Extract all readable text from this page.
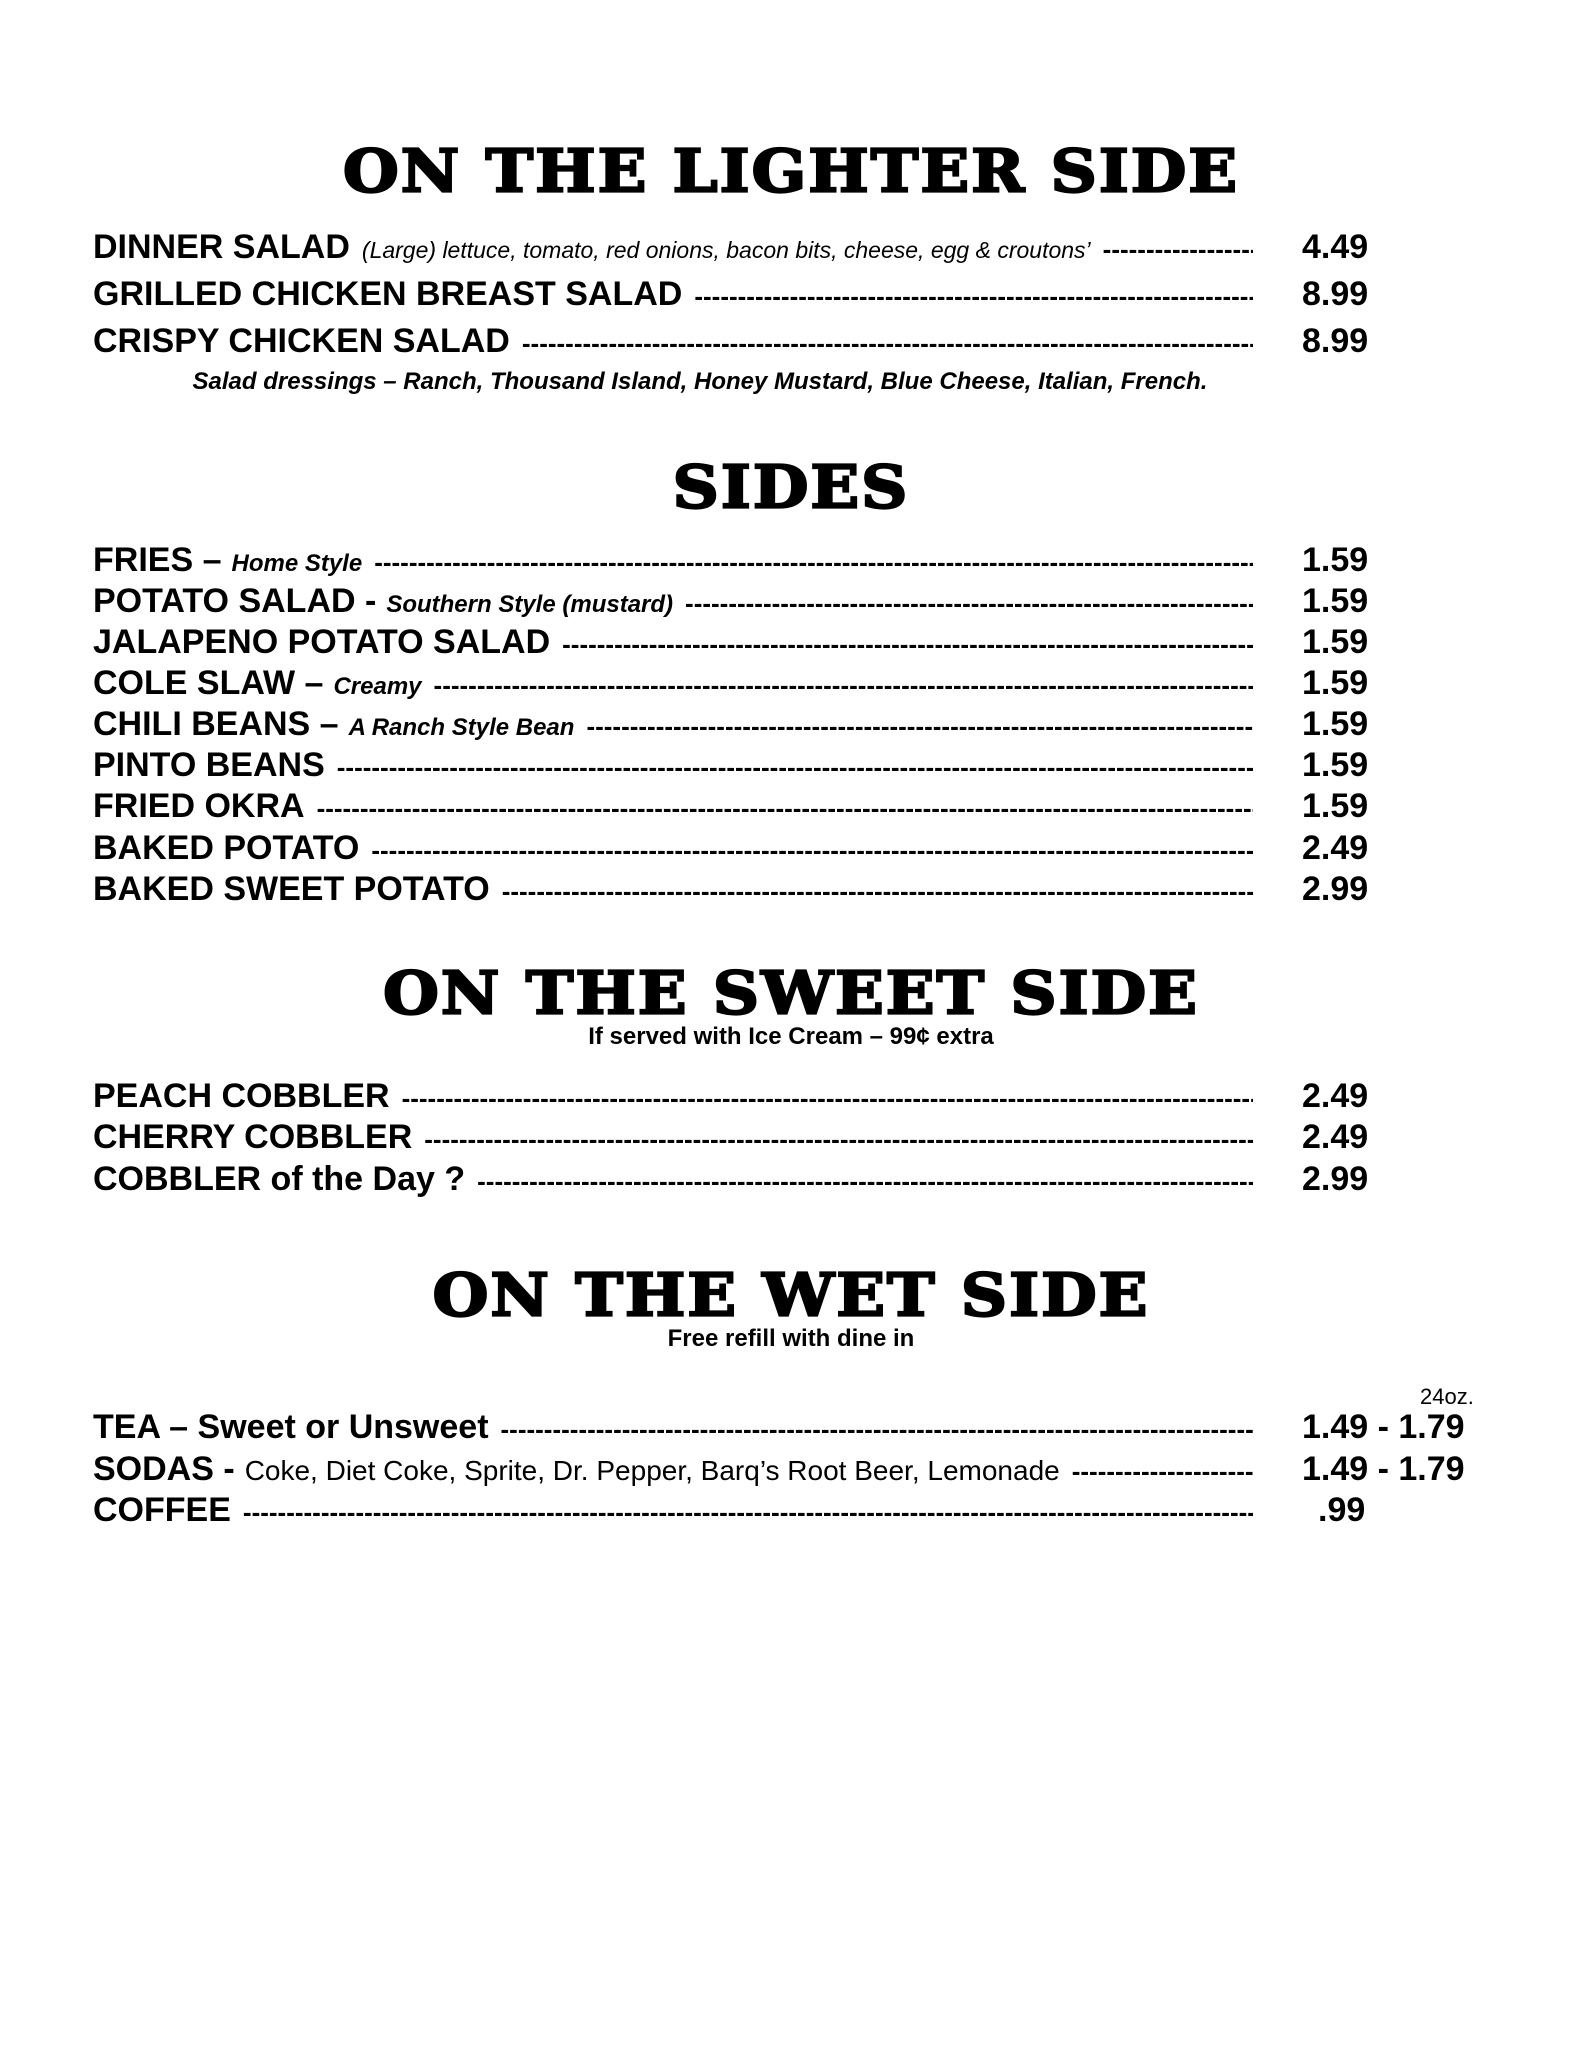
ON THE LIGHTER SIDE
DINNER SALAD (Large) lettuce, tomato, red onions, bacon bits, cheese, egg & croutons’ -----	4.49
GRILLED CHICKEN BREAST SALAD -----	8.99
CRISPY CHICKEN SALAD -----	8.99
Salad dressings – Ranch, Thousand Island, Honey Mustard, Blue Cheese, Italian, French.
SIDES
FRIES – Home Style -----	1.59
POTATO SALAD - Southern Style (mustard) -----	1.59
JALAPENO POTATO SALAD -----	1.59
COLE SLAW – Creamy -----	1.59
CHILI BEANS – A Ranch Style Bean -----	1.59
PINTO BEANS -----	1.59
FRIED OKRA -----	1.59
BAKED POTATO -----	2.49
BAKED SWEET POTATO -----	2.99
ON THE SWEET SIDE
If served with Ice Cream – 99¢ extra
PEACH COBBLER -----	2.49
CHERRY COBBLER -----	2.49
COBBLER of the Day ? -----	2.99
ON THE WET SIDE
Free refill with dine in
24oz.
TEA – Sweet or Unsweet -----	1.49 - 1.79
SODAS - Coke, Diet Coke, Sprite, Dr. Pepper, Barq’s Root Beer, Lemonade -----	1.49 - 1.79
COFFEE -----	.99
